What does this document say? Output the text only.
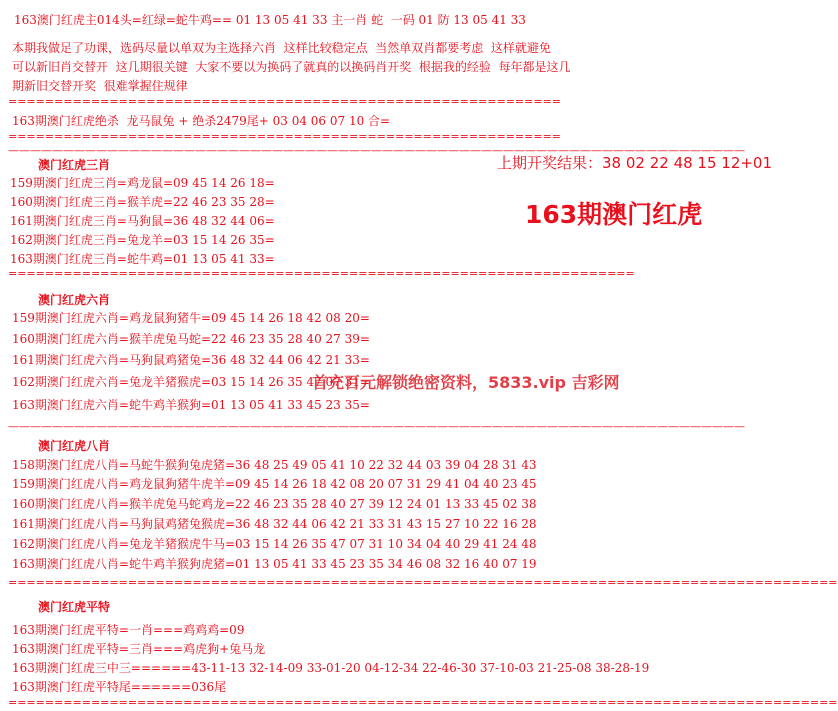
163澳门红虎主014头=红绿=蛇牛鸡== 01 13 05 41 33 主一肖 蛇  一码 01 防 13 05 41 33
本期我做足了功课，选码尽量以单双为主选择六肖  这样比较稳定点  当然单双肖都要考虑  这样就避免
可以新旧肖交替开  这几期很关键  大家不要以为换码了就真的以换码肖开奖  根据我的经验  每年都是这几
期新旧交替开奖  很难掌握住规律
============================================================
163期澳门红虎绝杀  龙马鼠兔 + 绝杀2479尾+ 03 04 06 07 10 合=
============================================================
———————————————————————————————————————————————————————————————————
上期开奖结果：38 02 22 48 15 12+01
163期澳门红虎
澳门红虎三肖
159期澳门红虎三肖=鸡龙鼠=09 45 14 26 18=
160期澳门红虎三肖=猴羊虎=22 46 23 35 28=
161期澳门红虎三肖=马狗鼠=36 48 32 44 06=
162期澳门红虎三肖=兔龙羊=03 15 14 26 35=
163期澳门红虎三肖=蛇牛鸡=01 13 05 41 33=
====================================================================
澳门红虎六肖
159期澳门红虎六肖=鸡龙鼠狗猪牛=09 45 14 26 18 42 08 20=
160期澳门红虎六肖=猴羊虎兔马蛇=22 46 23 35 28 40 27 39=
161期澳门红虎六肖=马狗鼠鸡猪兔=36 48 32 44 06 42 21 33=
162期澳门红虎六肖=兔龙羊猪猴虎=03 15 14 26 35 47 07 31=
163期澳门红虎六肖=蛇牛鸡羊猴狗=01 13 05 41 33 45 23 35=
———————————————————————————————————————————————————————————————————
首充百元解锁绝密资料，5833.vip 吉彩网
澳门红虎八肖
158期澳门红虎八肖=马蛇牛猴狗兔虎猪=36 48 25 49 05 41 10 22 32 44 03 39 04 28 31 43
159期澳门红虎八肖=鸡龙鼠狗猪牛虎羊=09 45 14 26 18 42 08 20 07 31 29 41 04 40 23 45
160期澳门红虎八肖=猴羊虎兔马蛇鸡龙=22 46 23 35 28 40 27 39 12 24 01 13 33 45 02 38
161期澳门红虎八肖=马狗鼠鸡猪兔猴虎=36 48 32 44 06 42 21 33 31 43 15 27 10 22 16 28
162期澳门红虎八肖=兔龙羊猪猴虎牛马=03 15 14 26 35 47 07 31 10 34 04 40 29 41 24 48
163期澳门红虎八肖=蛇牛鸡羊猴狗虎猪=01 13 05 41 33 45 23 35 34 46 08 32 16 40 07 19
==========================================================================================
澳门红虎平特
163期澳门红虎平特=一肖===鸡鸡鸡=09
163期澳门红虎平特=三肖===鸡虎狗+兔马龙
163期澳门红虎三中三======43-11-13 32-14-09 33-01-20 04-12-34 22-46-30 37-10-03 21-25-08 38-28-19
163期澳门红虎平特尾======036尾
==========================================================================================
